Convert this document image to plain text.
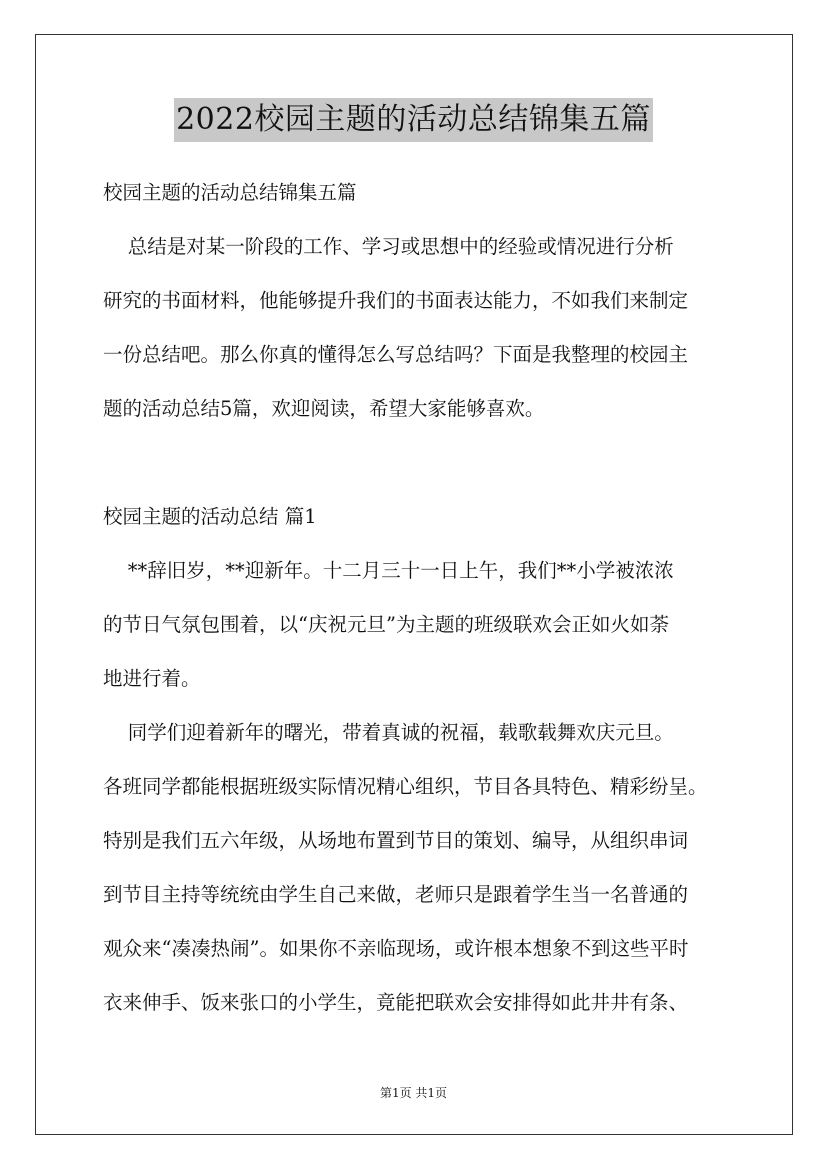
2022校园主题的活动总结锦集五篇
校园主题的活动总结锦集五篇
总结是对某一阶段的工作、学习或思想中的经验或情况进行分析
研究的书面材料，他能够提升我们的书面表达能力，不如我们来制定
一份总结吧。那么你真的懂得怎么写总结吗？下面是我整理的校园主
题的活动总结5篇，欢迎阅读，希望大家能够喜欢。
校园主题的活动总结 篇1
**辞旧岁，**迎新年。十二月三十一日上午，我们**小学被浓浓
的节日气氛包围着，以“庆祝元旦”为主题的班级联欢会正如火如荼
地进行着。
同学们迎着新年的曙光，带着真诚的祝福，载歌载舞欢庆元旦。
各班同学都能根据班级实际情况精心组织，节目各具特色、精彩纷呈。
特别是我们五六年级，从场地布置到节目的策划、编导，从组织串词
到节目主持等统统由学生自己来做，老师只是跟着学生当一名普通的
观众来“凑凑热闹”。如果你不亲临现场，或许根本想象不到这些平时
衣来伸手、饭来张口的小学生，竟能把联欢会安排得如此井井有条、
第1页 共1页
